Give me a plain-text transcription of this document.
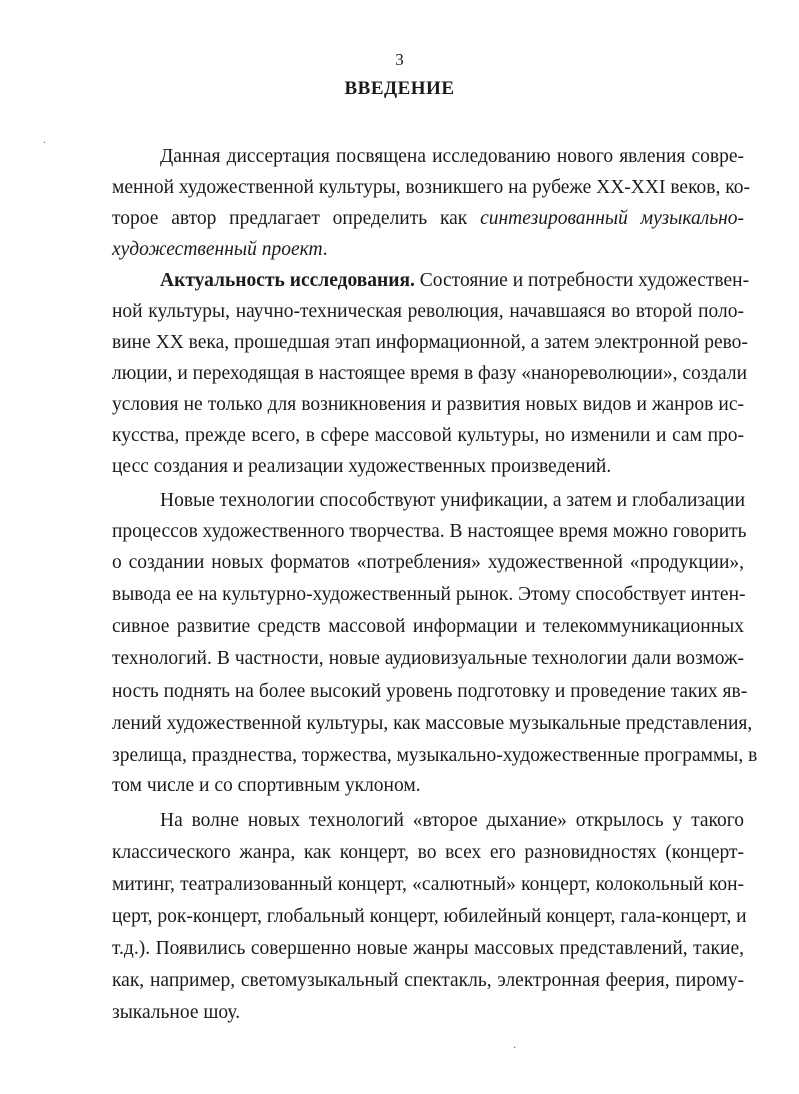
3
ВВЕДЕНИЕ
Данная диссертация посвящена исследованию нового явления совре-
менной художественной культуры, возникшего на рубеже XX-XXI веков, ко-
торое автор предлагает определить как синтезированный музыкально-
художественный проект.
Актуальность исследования. Состояние и потребности художествен-
ной культуры, научно-техническая революция, начавшаяся во второй поло-
вине XX века, прошедшая этап информационной, а затем электронной рево-
люции, и переходящая в настоящее время в фазу «нанореволюции», создали
условия не только для возникновения и развития новых видов и жанров ис-
кусства, прежде всего, в сфере массовой культуры, но изменили и сам про-
цесс создания и реализации художественных произведений.
Новые технологии способствуют унификации, а затем и глобализации
процессов художественного творчества. В настоящее время можно говорить
о создании новых форматов «потребления» художественной «продукции»,
вывода ее на культурно-художественный рынок. Этому способствует интен-
сивное развитие средств массовой информации и телекоммуникационных
технологий. В частности, новые аудиовизуальные технологии дали возмож-
ность поднять на более высокий уровень подготовку и проведение таких яв-
лений художественной культуры, как массовые музыкальные представления,
зрелища, празднества, торжества, музыкально-художественные программы, в
том числе и со спортивным уклоном.
На волне новых технологий «второе дыхание» открылось у такого
классического жанра, как концерт, во всех его разновидностях (концерт-
митинг, театрализованный концерт, «салютный» концерт, колокольный кон-
церт, рок-концерт, глобальный концерт, юбилейный концерт, гала-концерт, и
т.д.). Появились совершенно новые жанры массовых представлений, такие,
как, например, светомузыкальный спектакль, электронная феерия, пирому-
зыкальное шоу.
·
·
